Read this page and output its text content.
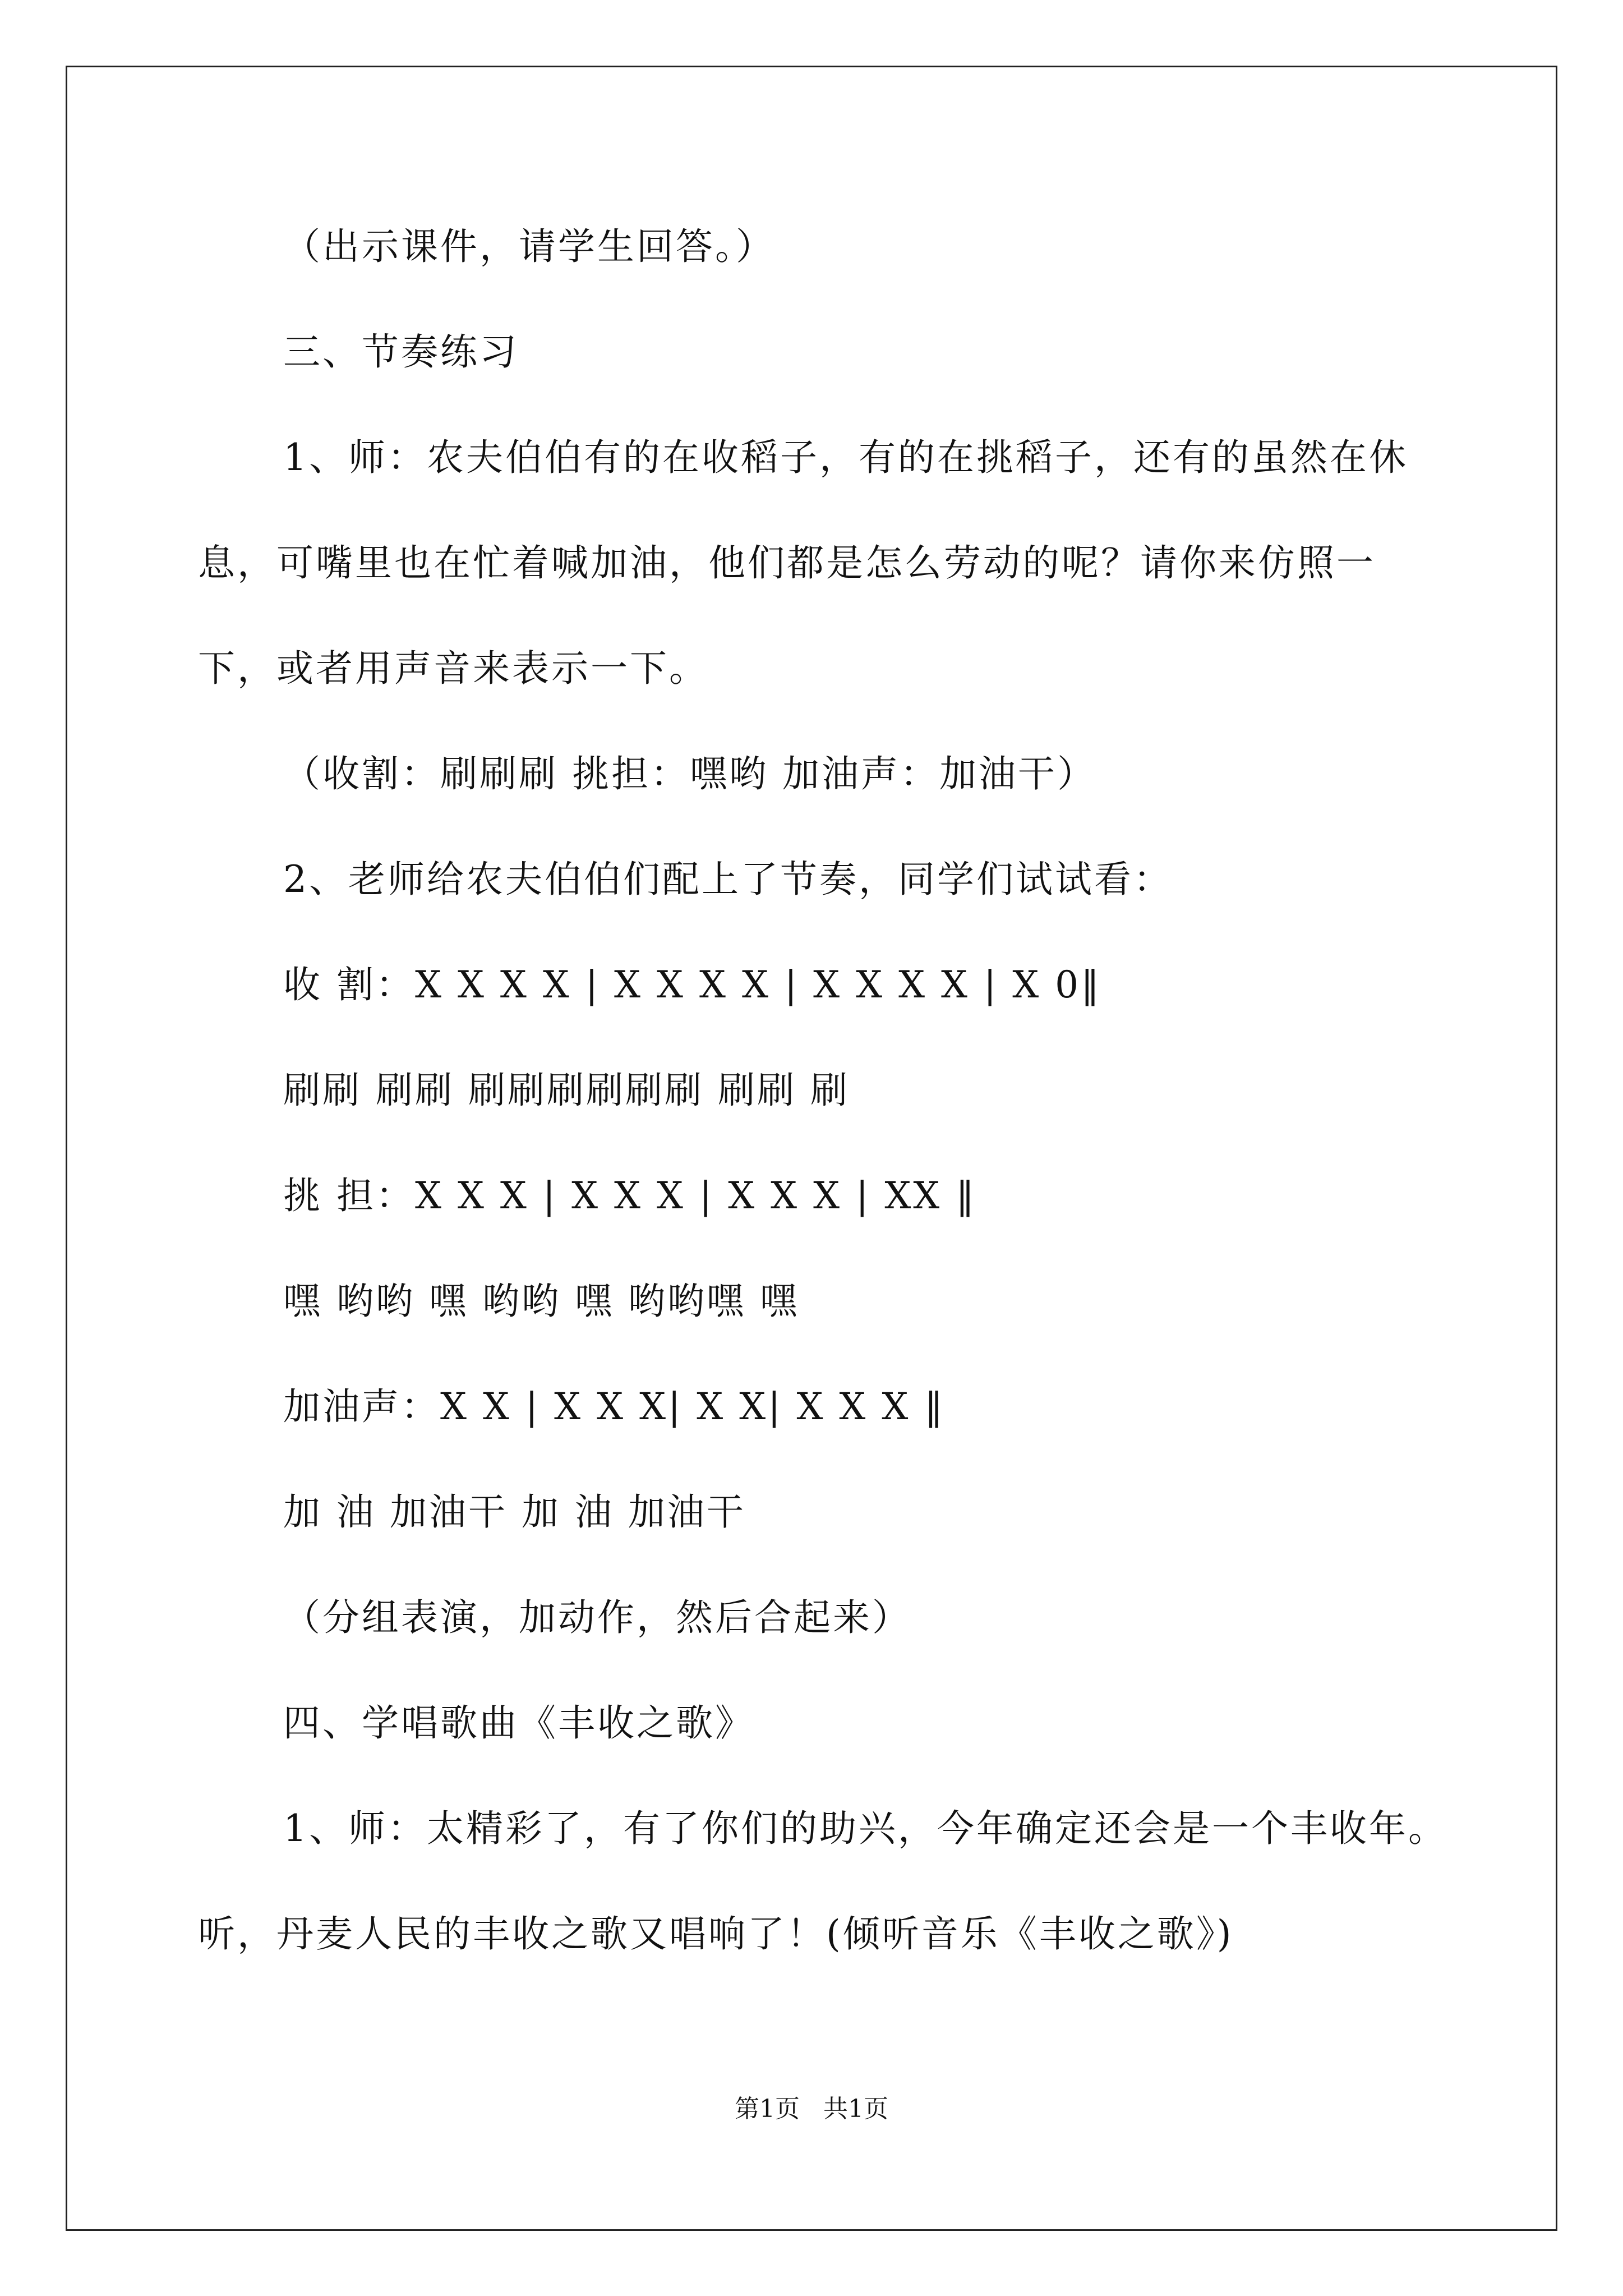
（出示课件，请学生回答。）
三、节奏练习
1、师：农夫伯伯有的在收稻子，有的在挑稻子，还有的虽然在休
息，可嘴里也在忙着喊加油，他们都是怎么劳动的呢？请你来仿照一
下，或者用声音来表示一下。
（收割：刷刷刷 挑担：嘿哟 加油声：加油干）
2、老师给农夫伯伯们配上了节奏，同学们试试看：
收 割：X X X X | X X X X | X X X X | X 0‖
刷刷 刷刷 刷刷刷刷刷刷 刷刷 刷
挑 担：X X X | X X X | X X X | XX ‖
嘿 哟哟 嘿 哟哟 嘿 哟哟嘿 嘿
加油声：X X | X X X| X X| X X X ‖
加 油 加油干 加 油 加油干
（分组表演，加动作，然后合起来）
四、学唱歌曲《丰收之歌》
1、师：太精彩了，有了你们的助兴，今年确定还会是一个丰收年。
听，丹麦人民的丰收之歌又唱响了！(倾听音乐《丰收之歌》)
第1页   共1页
